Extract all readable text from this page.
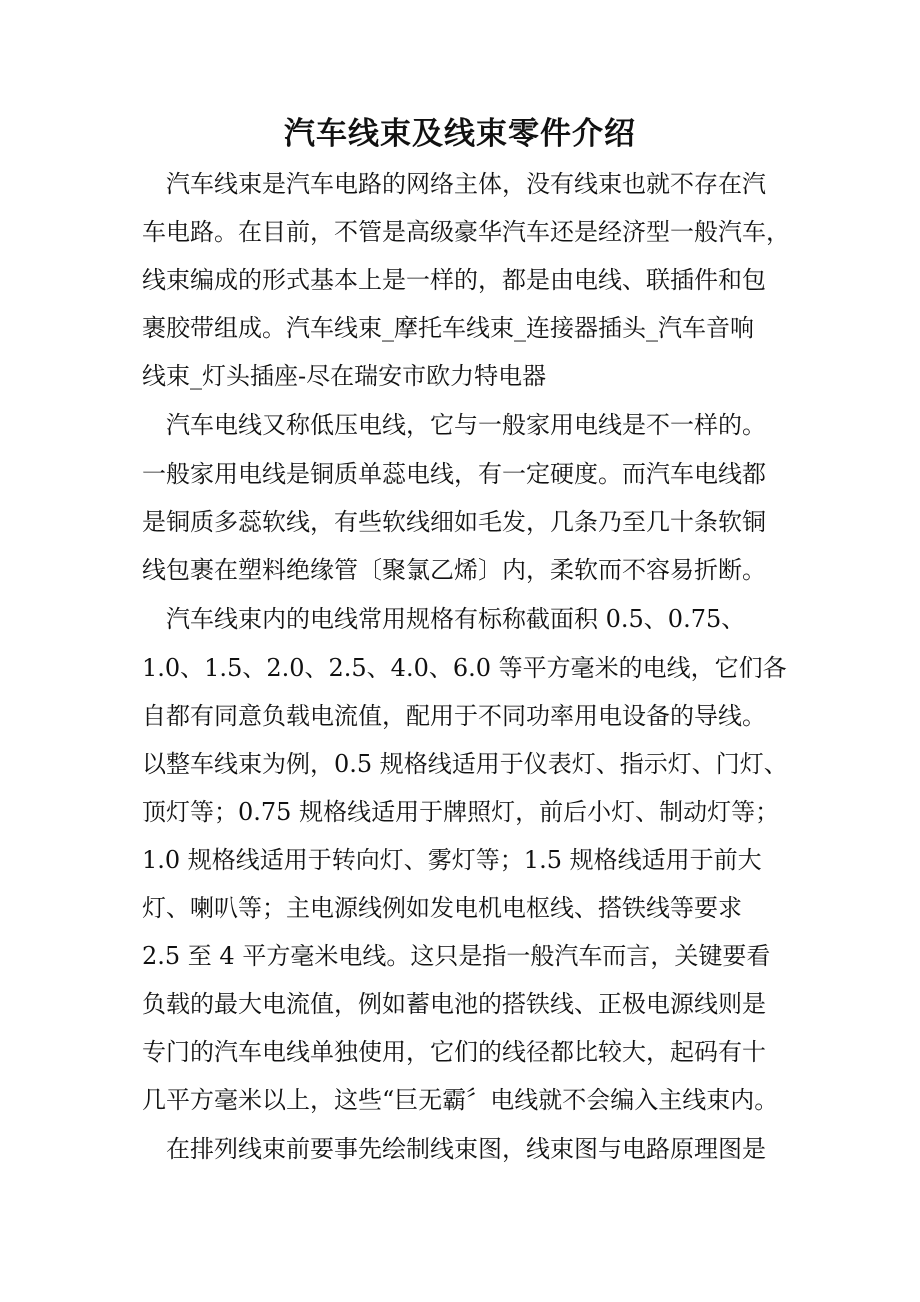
汽车线束及线束零件介绍

汽车线束是汽车电路的网络主体，没有线束也就不存在汽

车电路。在目前，不管是高级豪华汽车还是经济型一般汽车，

线束编成的形式基本上是一样的，都是由电线、联插件和包

裹胶带组成。汽车线束_摩托车线束_连接器插头_汽车音响

线束_灯头插座-尽在瑞安市欧力特电器

汽车电线又称低压电线，它与一般家用电线是不一样的。

一般家用电线是铜质单蕊电线，有一定硬度。而汽车电线都

是铜质多蕊软线，有些软线细如毛发，几条乃至几十条软铜

线包裹在塑料绝缘管〔聚氯乙烯〕内，柔软而不容易折断。

汽车线束内的电线常用规格有标称截面积 0.5、0.75、

1.0、1.5、2.0、2.5、4.0、6.0 等平方毫米的电线，它们各

自都有同意负载电流值，配用于不同功率用电设备的导线。

以整车线束为例，0.5 规格线适用于仪表灯、指示灯、门灯、

顶灯等；0.75 规格线适用于牌照灯，前后小灯、制动灯等；

1.0 规格线适用于转向灯、雾灯等；1.5 规格线适用于前大

灯、喇叭等；主电源线例如发电机电枢线、搭铁线等要求

2.5 至 4 平方毫米电线。这只是指一般汽车而言，关键要看

负载的最大电流值，例如蓄电池的搭铁线、正极电源线则是

专门的汽车电线单独使用，它们的线径都比较大，起码有十

几平方毫米以上，这些“巨无霸〞电线就不会编入主线束内。

在排列线束前要事先绘制线束图，线束图与电路原理图是
